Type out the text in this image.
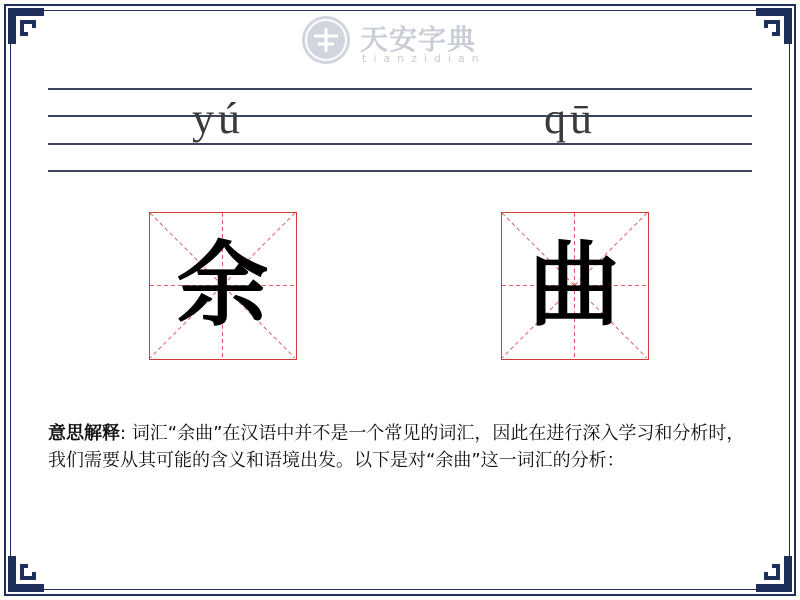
天安字典
tianzidian
yú	qū
余	曲
意思解释: 词汇“余曲”在汉语中并不是一个常见的词汇，因此在进行深入学习和分析时，我们需要从其可能的含义和语境出发。以下是对“余曲”这一词汇的分析：
